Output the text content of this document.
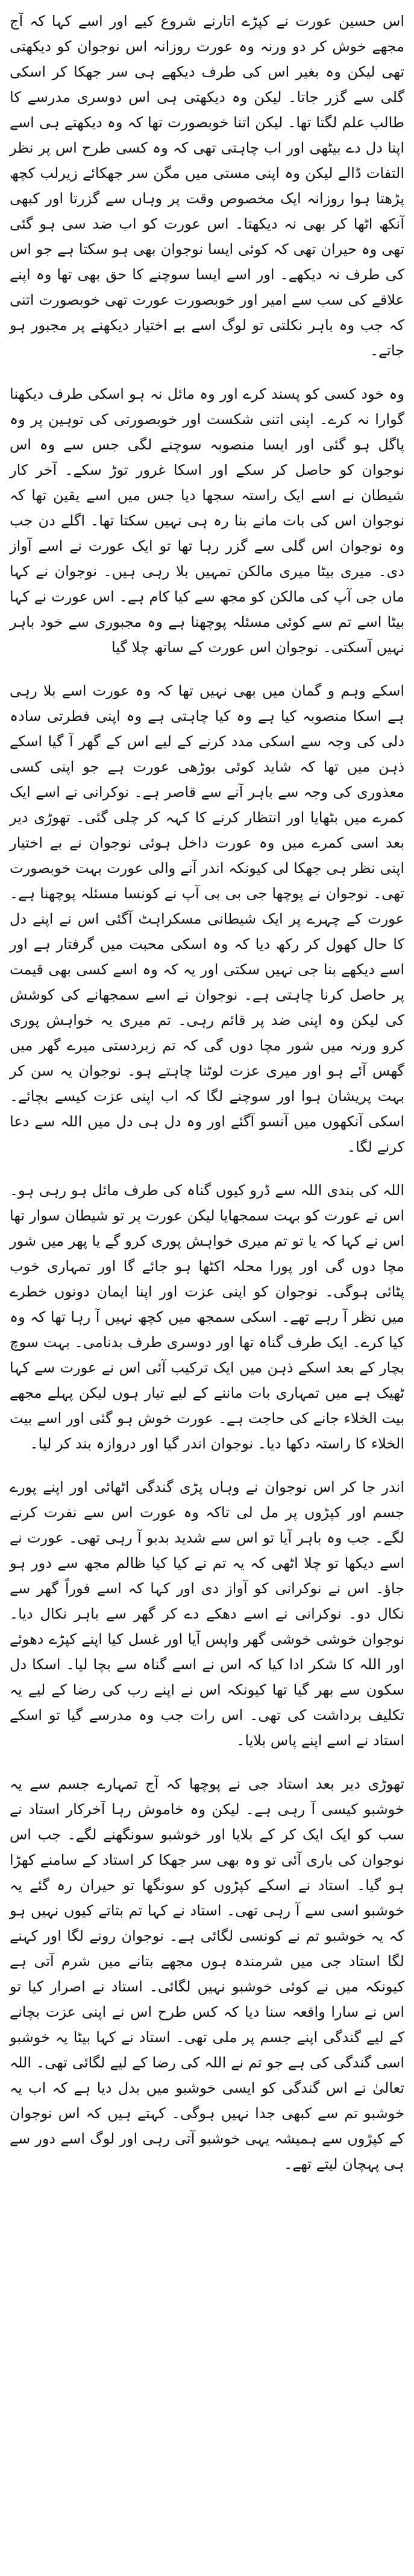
اس حسین عورت نے کپڑے اتارنے شروع کیے اور اسے کہا کہ آج مجھے خوش کر دو ورنہ وہ عورت روزانہ اس نوجوان کو دیکھتی تھی لیکن وہ بغیر اس کی طرف دیکھے ہی سر جھکا کر اسکی گلی سے گزر جاتا۔ لیکن وہ دیکھتی ہی اس دوسری مدرسے کا طالب علم لگتا تھا۔ لیکن اتنا خوبصورت تھا کہ وہ دیکھتے ہی اسے اپنا دل دے بیٹھی اور اب چاہتی تھی کہ وہ کسی طرح اس پر نظر التفات ڈالے لیکن وہ اپنی مستی میں مگن سر جھکائے زیرلب کچھ پڑھتا ہوا روزانہ ایک مخصوص وقت پر وہاں سے گزرتا اور کبھی آنکھ اٹھا کر بھی نہ دیکھتا۔ اس عورت کو اب ضد سی ہو گئی تھی وہ حیران تھی کہ کوئی ایسا نوجوان بھی ہو سکتا ہے جو اس کی طرف نہ دیکھے۔ اور اسے ایسا سوچنے کا حق بھی تھا وہ اپنے علاقے کی سب سے امیر اور خوبصورت عورت تھی خوبصورت اتنی کہ جب وہ باہر نکلتی تو لوگ اسے بے اختیار دیکھنے پر مجبور ہو جاتے۔

وہ خود کسی کو پسند کرے اور وہ مائل نہ ہو اسکی طرف دیکھنا گوارا نہ کرے۔ اپنی اتنی شکست اور خوبصورتی کی توہین پر وہ پاگل ہو گئی اور ایسا منصوبہ سوچنے لگی جس سے وہ اس نوجوان کو حاصل کر سکے اور اسکا غرور توڑ سکے۔ آخر کار شیطان نے اسے ایک راستہ سجھا دیا جس میں اسے یقین تھا کہ نوجوان اس کی بات مانے بنا رہ ہی نہیں سکتا تھا۔ اگلے دن جب وہ نوجوان اس گلی سے گزر رہا تھا تو ایک عورت نے اسے آواز دی۔ میری بیٹا میری مالکن تمہیں بلا رہی ہیں۔ نوجوان نے کہا ماں جی آپ کی مالکن کو مجھ سے کیا کام ہے۔ اس عورت نے کہا بیٹا اسے تم سے کوئی مسئلہ پوچھنا ہے وہ مجبوری سے خود باہر نہیں آسکتی۔ نوجوان اس عورت کے ساتھ چلا گیا

اسکے وہم و گمان میں بھی نہیں تھا کہ وہ عورت اسے بلا رہی ہے اسکا منصوبہ کیا ہے وہ کیا چاہتی ہے وہ اپنی فطرتی سادہ دلی کی وجہ سے اسکی مدد کرنے کے لیے اس کے گھر آ گیا اسکے ذہن میں تھا کہ شاید کوئی بوڑھی عورت ہے جو اپنی کسی معذوری کی وجہ سے باہر آنے سے قاصر ہے۔ نوکرانی نے اسے ایک کمرے میں بٹھایا اور انتظار کرنے کا کہہ کر چلی گئی۔ تھوڑی دیر بعد اسی کمرے میں وہ عورت داخل ہوئی نوجوان نے بے اختیار اپنی نظر ہی جھکا لی کیونکہ اندر آنے والی عورت بہت خوبصورت تھی۔ نوجوان نے پوچھا جی بی بی آپ نے کونسا مسئلہ پوچھنا ہے۔ عورت کے چہرے پر ایک شیطانی مسکراہٹ آگئی اس نے اپنے دل کا حال کھول کر رکھ دیا کہ وہ اسکی محبت میں گرفتار ہے اور اسے دیکھے بنا جی نہیں سکتی اور یہ کہ وہ اسے کسی بھی قیمت پر حاصل کرنا چاہتی ہے۔ نوجوان نے اسے سمجھانے کی کوشش کی لیکن وہ اپنی ضد پر قائم رہی۔ تم میری یہ خواہش پوری کرو ورنہ میں شور مچا دوں گی کہ تم زبردستی میرے گھر میں گھس آئے ہو اور میری عزت لوٹنا چاہتے ہو۔ نوجوان یہ سن کر بہت پریشان ہوا اور سوچنے لگا کہ اب اپنی عزت کیسے بچائے۔ اسکی آنکھوں میں آنسو آگئے اور وہ دل ہی دل میں اللہ سے دعا کرنے لگا۔

اللہ کی بندی اللہ سے ڈرو کیوں گناہ کی طرف مائل ہو رہی ہو۔ اس نے عورت کو بہت سمجھایا لیکن عورت پر تو شیطان سوار تھا اس نے کہا کہ یا تو تم میری خواہش پوری کرو گے یا پھر میں شور مچا دوں گی اور پورا محلہ اکٹھا ہو جائے گا اور تمہاری خوب پٹائی ہوگی۔ نوجوان کو اپنی عزت اور اپنا ایمان دونوں خطرے میں نظر آ رہے تھے۔ اسکی سمجھ میں کچھ نہیں آ رہا تھا کہ وہ کیا کرے۔ ایک طرف گناہ تھا اور دوسری طرف بدنامی۔ بہت سوچ بچار کے بعد اسکے ذہن میں ایک ترکیب آئی اس نے عورت سے کہا ٹھیک ہے میں تمہاری بات ماننے کے لیے تیار ہوں لیکن پہلے مجھے بیت الخلاء جانے کی حاجت ہے۔ عورت خوش ہو گئی اور اسے بیت الخلاء کا راستہ دکھا دیا۔ نوجوان اندر گیا اور دروازہ بند کر لیا۔

اندر جا کر اس نوجوان نے وہاں پڑی گندگی اٹھائی اور اپنے پورے جسم اور کپڑوں پر مل لی تاکہ وہ عورت اس سے نفرت کرنے لگے۔ جب وہ باہر آیا تو اس سے شدید بدبو آ رہی تھی۔ عورت نے اسے دیکھا تو چلا اٹھی کہ یہ تم نے کیا کیا ظالم مجھ سے دور ہو جاؤ۔ اس نے نوکرانی کو آواز دی اور کہا کہ اسے فوراً گھر سے نکال دو۔ نوکرانی نے اسے دھکے دے کر گھر سے باہر نکال دیا۔ نوجوان خوشی خوشی گھر واپس آیا اور غسل کیا اپنے کپڑے دھوئے اور اللہ کا شکر ادا کیا کہ اس نے اسے گناہ سے بچا لیا۔ اسکا دل سکون سے بھر گیا تھا کیونکہ اس نے اپنے رب کی رضا کے لیے یہ تکلیف برداشت کی تھی۔ اس رات جب وہ مدرسے گیا تو اسکے استاد نے اسے اپنے پاس بلایا۔

تھوڑی دیر بعد استاد جی نے پوچھا کہ آج تمہارے جسم سے یہ خوشبو کیسی آ رہی ہے۔ لیکن وہ خاموش رہا آخرکار استاد نے سب کو ایک ایک کر کے بلایا اور خوشبو سونگھنے لگے۔ جب اس نوجوان کی باری آئی تو وہ بھی سر جھکا کر استاد کے سامنے کھڑا ہو گیا۔ استاد نے اسکے کپڑوں کو سونگھا تو حیران رہ گئے یہ خوشبو اسی سے آ رہی تھی۔ استاد نے کہا تم بتاتے کیوں نہیں ہو کہ یہ خوشبو تم نے کونسی لگائی ہے۔ نوجوان رونے لگا اور کہنے لگا استاد جی میں شرمندہ ہوں مجھے بتانے میں شرم آتی ہے کیونکہ میں نے کوئی خوشبو نہیں لگائی۔ استاد نے اصرار کیا تو اس نے سارا واقعہ سنا دیا کہ کس طرح اس نے اپنی عزت بچانے کے لیے گندگی اپنے جسم پر ملی تھی۔ استاد نے کہا بیٹا یہ خوشبو اسی گندگی کی ہے جو تم نے اللہ کی رضا کے لیے لگائی تھی۔ اللہ تعالیٰ نے اس گندگی کو ایسی خوشبو میں بدل دیا ہے کہ اب یہ خوشبو تم سے کبھی جدا نہیں ہوگی۔ کہتے ہیں کہ اس نوجوان کے کپڑوں سے ہمیشہ یہی خوشبو آتی رہی اور لوگ اسے دور سے ہی پہچان لیتے تھے۔
